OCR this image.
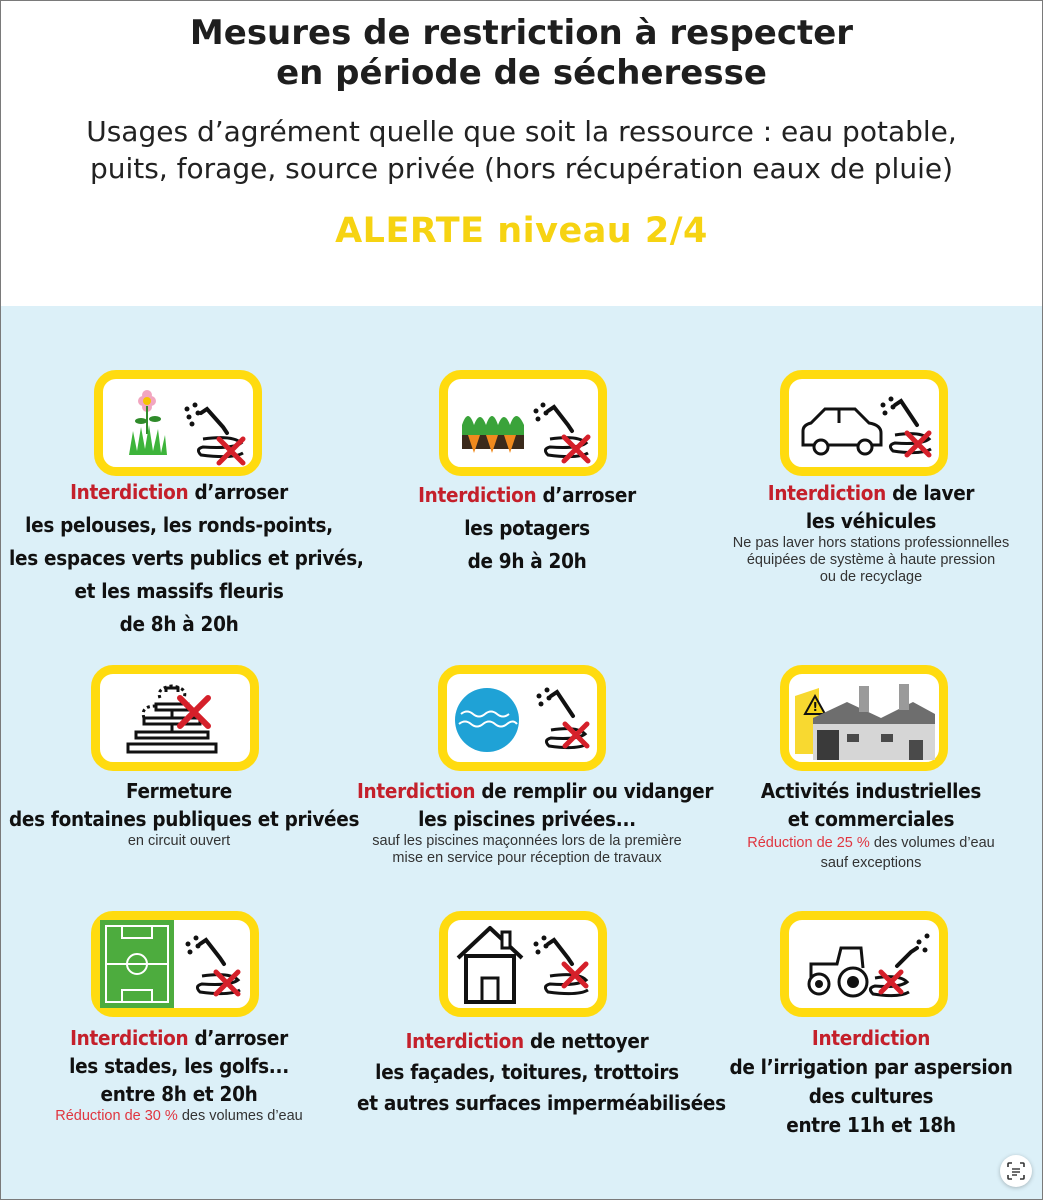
Mesures de restriction à respecter
en période de sécheresse
Usages d’agrément quelle que soit la ressource : eau potable,
puits, forage, source privée (hors récupération eaux de pluie)
ALERTE niveau 2/4
Interdiction d’arroser
les pelouses, les ronds-points,
les espaces verts publics et privés,
et les massifs fleuris
de 8h à 20h
Interdiction d’arroser
les potagers
de 9h à 20h
Interdiction de laver
les véhicules
Ne pas laver hors stations professionnelles
équipées de système à haute pression
ou de recyclage
Fermeture
des fontaines publiques et privées
en circuit ouvert
Interdiction de remplir ou vidanger
les piscines privées...
sauf les piscines maçonnées lors de la première
mise en service pour réception de travaux
!
Activités industrielles
et commerciales
Réduction de 25 % des volumes d’eau
sauf exceptions
Interdiction d’arroser
les stades, les golfs...
entre 8h et 20h
Réduction de 30 % des volumes d’eau
Interdiction de nettoyer
les façades, toitures, trottoirs
et autres surfaces imperméabilisées
Interdiction
de l’irrigation par aspersion
des cultures
entre 11h et 18h
